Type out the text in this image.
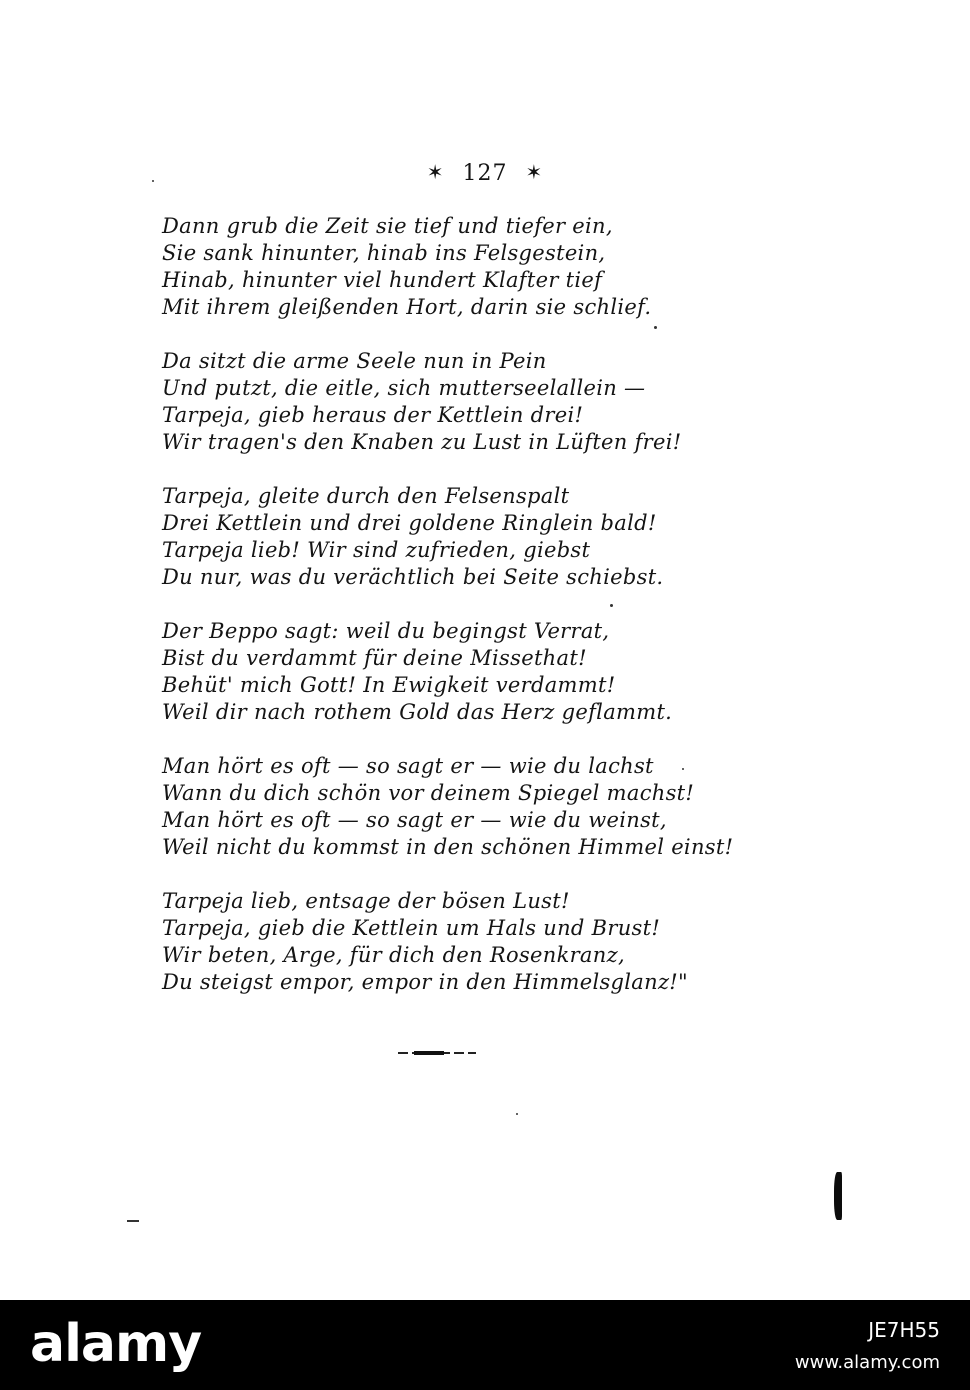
✶ 127 ✶
Dann grub die Zeit sie tief und tiefer ein,
Sie sank hinunter, hinab ins Felsgestein,
Hinab, hinunter viel hundert Klafter tief
Mit ihrem gleißenden Hort, darin sie schlief.
Da sitzt die arme Seele nun in Pein
Und putzt, die eitle, sich mutterseelallein —
Tarpeja, gieb heraus der Kettlein drei!
Wir tragen's den Knaben zu Lust in Lüften frei!
Tarpeja, gleite durch den Felsenspalt
Drei Kettlein und drei goldene Ringlein bald!
Tarpeja lieb! Wir sind zufrieden, giebst
Du nur, was du verächtlich bei Seite schiebst.
Der Beppo sagt: weil du begingst Verrat,
Bist du verdammt für deine Missethat!
Behüt' mich Gott! In Ewigkeit verdammt!
Weil dir nach rothem Gold das Herz geflammt.
Man hört es oft — so sagt er — wie du lachst
Wann du dich schön vor deinem Spiegel machst!
Man hört es oft — so sagt er — wie du weinst,
Weil nicht du kommst in den schönen Himmel einst!
Tarpeja lieb, entsage der bösen Lust!
Tarpeja, gieb die Kettlein um Hals und Brust!
Wir beten, Arge, für dich den Rosenkranz,
Du steigst empor, empor in den Himmelsglanz!"
alamy	JE7H55
www.alamy.com
